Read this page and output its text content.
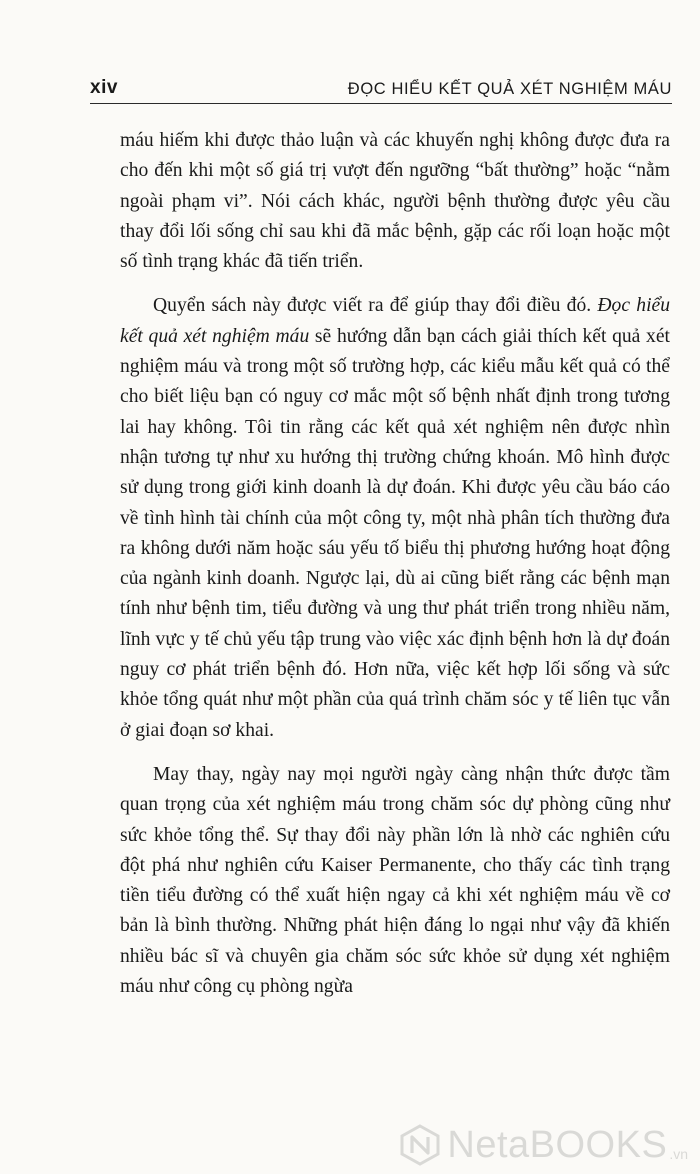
xiv	ĐỌC HIỂU KẾT QUẢ XÉT NGHIỆM MÁU

máu hiếm khi được thảo luận và các khuyến nghị không được đưa ra cho đến khi một số giá trị vượt đến ngưỡng “bất thường” hoặc “nằm ngoài phạm vi”. Nói cách khác, người bệnh thường được yêu cầu thay đổi lối sống chỉ sau khi đã mắc bệnh, gặp các rối loạn hoặc một số tình trạng khác đã tiến triển.

Quyển sách này được viết ra để giúp thay đổi điều đó. Đọc hiểu kết quả xét nghiệm máu sẽ hướng dẫn bạn cách giải thích kết quả xét nghiệm máu và trong một số trường hợp, các kiểu mẫu kết quả có thể cho biết liệu bạn có nguy cơ mắc một số bệnh nhất định trong tương lai hay không. Tôi tin rằng các kết quả xét nghiệm nên được nhìn nhận tương tự như xu hướng thị trường chứng khoán. Mô hình được sử dụng trong giới kinh doanh là dự đoán. Khi được yêu cầu báo cáo về tình hình tài chính của một công ty, một nhà phân tích thường đưa ra không dưới năm hoặc sáu yếu tố biểu thị phương hướng hoạt động của ngành kinh doanh. Ngược lại, dù ai cũng biết rằng các bệnh mạn tính như bệnh tim, tiểu đường và ung thư phát triển trong nhiều năm, lĩnh vực y tế chủ yếu tập trung vào việc xác định bệnh hơn là dự đoán nguy cơ phát triển bệnh đó. Hơn nữa, việc kết hợp lối sống và sức khỏe tổng quát như một phần của quá trình chăm sóc y tế liên tục vẫn ở giai đoạn sơ khai.

May thay, ngày nay mọi người ngày càng nhận thức được tầm quan trọng của xét nghiệm máu trong chăm sóc dự phòng cũng như sức khỏe tổng thể. Sự thay đổi này phần lớn là nhờ các nghiên cứu đột phá như nghiên cứu Kaiser Permanente, cho thấy các tình trạng tiền tiểu đường có thể xuất hiện ngay cả khi xét nghiệm máu về cơ bản là bình thường. Những phát hiện đáng lo ngại như vậy đã khiến nhiều bác sĩ và chuyên gia chăm sóc sức khỏe sử dụng xét nghiệm máu như công cụ phòng ngừa

NetaBOOKS .vn
